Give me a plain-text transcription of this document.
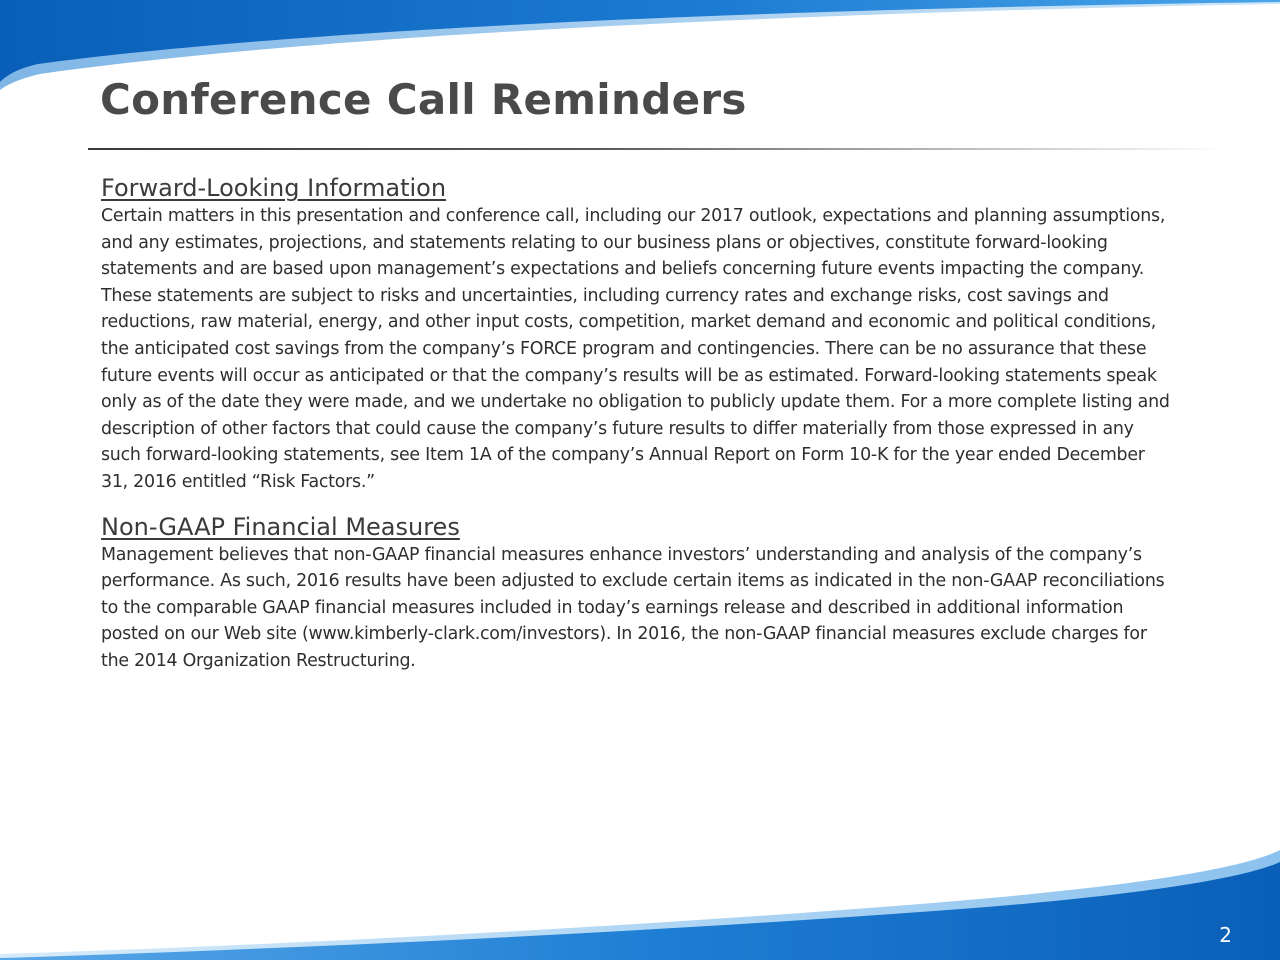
Conference Call Reminders
Forward-Looking Information

Certain matters in this presentation and conference call, including our 2017 outlook, expectations and planning assumptions, and any estimates, projections, and statements relating to our business plans or objectives, constitute forward-looking statements and are based upon management’s expectations and beliefs concerning future events impacting the company. These statements are subject to risks and uncertainties, including currency rates and exchange risks, cost savings and reductions, raw material, energy, and other input costs, competition, market demand and economic and political conditions, the anticipated cost savings from the company’s FORCE program and contingencies. There can be no assurance that these future events will occur as anticipated or that the company’s results will be as estimated. Forward-looking statements speak only as of the date they were made, and we undertake no obligation to publicly update them. For a more complete listing and description of other factors that could cause the company’s future results to differ materially from those expressed in any such forward-looking statements, see Item 1A of the company’s Annual Report on Form 10-K for the year ended December 31, 2016 entitled “Risk Factors.”

Non-GAAP Financial Measures

Management believes that non-GAAP financial measures enhance investors’ understanding and analysis of the company’s performance. As such, 2016 results have been adjusted to exclude certain items as indicated in the non-GAAP reconciliations to the comparable GAAP financial measures included in today’s earnings release and described in additional information posted on our Web site (www.kimberly-clark.com/investors). In 2016, the non-GAAP financial measures exclude charges for the 2014 Organization Restructuring.

2
